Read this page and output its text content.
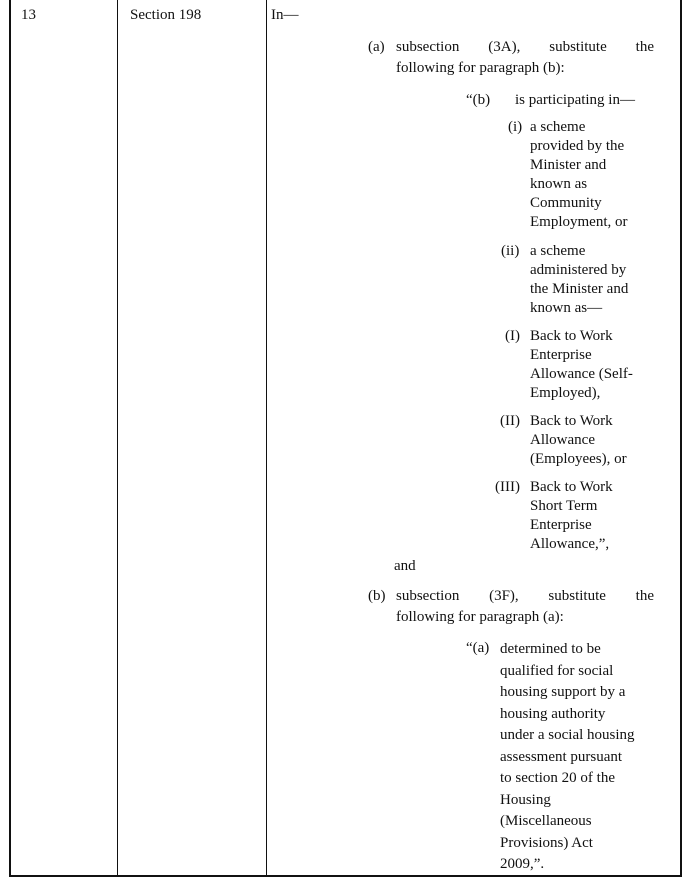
13	Section 198	In—
(a) subsection (3A), substitute the
following for paragraph (b):
“(b) is participating in—
(i) a scheme
provided by the
Minister and
known as
Community
Employment, or
(ii) a scheme
administered by
the Minister and
known as—
(I) Back to Work
Enterprise
Allowance (Self-
Employed),
(II) Back to Work
Allowance
(Employees), or
(III) Back to Work
Short Term
Enterprise
Allowance,”,
and
(b) subsection (3F), substitute the
following for paragraph (a):
“(a) determined to be
qualified for social
housing support by a
housing authority
under a social housing
assessment pursuant
to section 20 of the
Housing
(Miscellaneous
Provisions) Act
2009,”.
